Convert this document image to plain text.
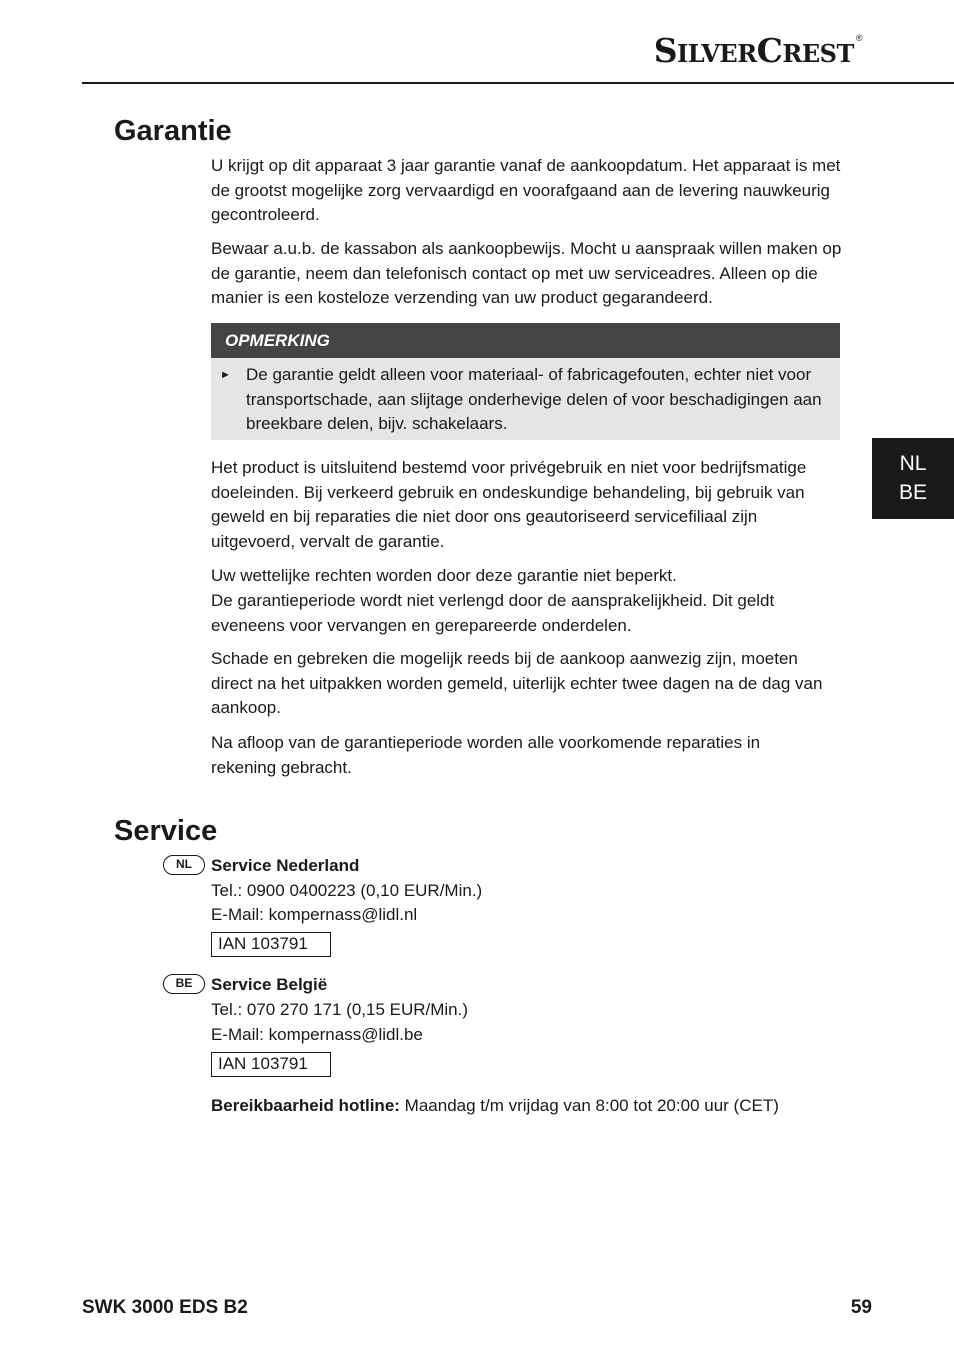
SILVERCREST®
Garantie

U krijgt op dit apparaat 3 jaar garantie vanaf de aankoopdatum. Het apparaat is met de grootst mogelijke zorg vervaardigd en voorafgaand aan de levering nauwkeurig gecontroleerd.

Bewaar a.u.b. de kassabon als aankoopbewijs. Mocht u aanspraak willen maken op de garantie, neem dan telefonisch contact op met uw serviceadres. Alleen op die manier is een kosteloze verzending van uw product gegarandeerd.

OPMERKING
► De garantie geldt alleen voor materiaal- of fabricagefouten, echter niet voor transportschade, aan slijtage onderhevige delen of voor beschadigingen aan breekbare delen, bijv. schakelaars.

Het product is uitsluitend bestemd voor privégebruik en niet voor bedrijfsmatige doeleinden. Bij verkeerd gebruik en ondeskundige behandeling, bij gebruik van geweld en bij reparaties die niet door ons geautoriseerd servicefiliaal zijn uitgevoerd, vervalt de garantie.

Uw wettelijke rechten worden door deze garantie niet beperkt.

De garantieperiode wordt niet verlengd door de aansprakelijkheid. Dit geldt eveneens voor vervangen en gerepareerde onderdelen.

Schade en gebreken die mogelijk reeds bij de aankoop aanwezig zijn, moeten direct na het uitpakken worden gemeld, uiterlijk echter twee dagen na de dag van aankoop.

Na afloop van de garantieperiode worden alle voorkomende reparaties in rekening gebracht.

NL
BE
Service
NL	Service Nederland

Tel.: 0900 0400223 (0,10 EUR/Min.)

E-Mail: kompernass@lidl.nl

IAN 103791
BE	Service België

Tel.: 070 270 171 (0,15 EUR/Min.)

E-Mail: kompernass@lidl.be

IAN 103791

Bereikbaarheid hotline: Maandag t/m vrijdag van 8:00 tot 20:00 uur (CET)

SWK 3000 EDS B2	59
